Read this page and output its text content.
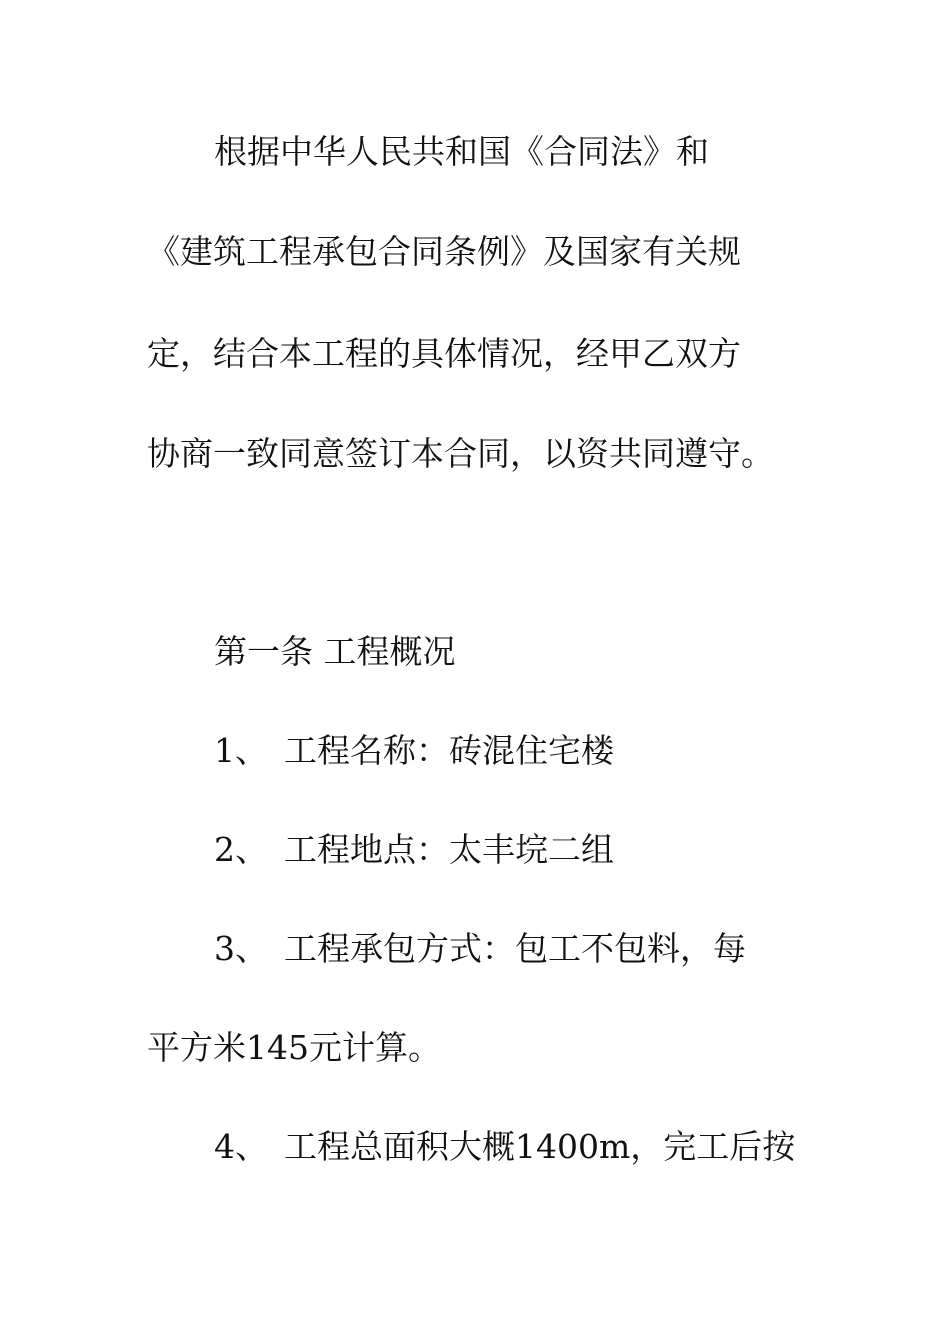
根据中华人民共和国《合同法》和
《建筑工程承包合同条例》及国家有关规
定，结合本工程的具体情况，经甲乙双方
协商一致同意签订本合同，以资共同遵守。
第一条 工程概况
1、 工程名称：砖混住宅楼
2、 工程地点：太丰垸二组
3、 工程承包方式：包工不包料，每
平方米145元计算。
4、 工程总面积大概1400m，完工后按
